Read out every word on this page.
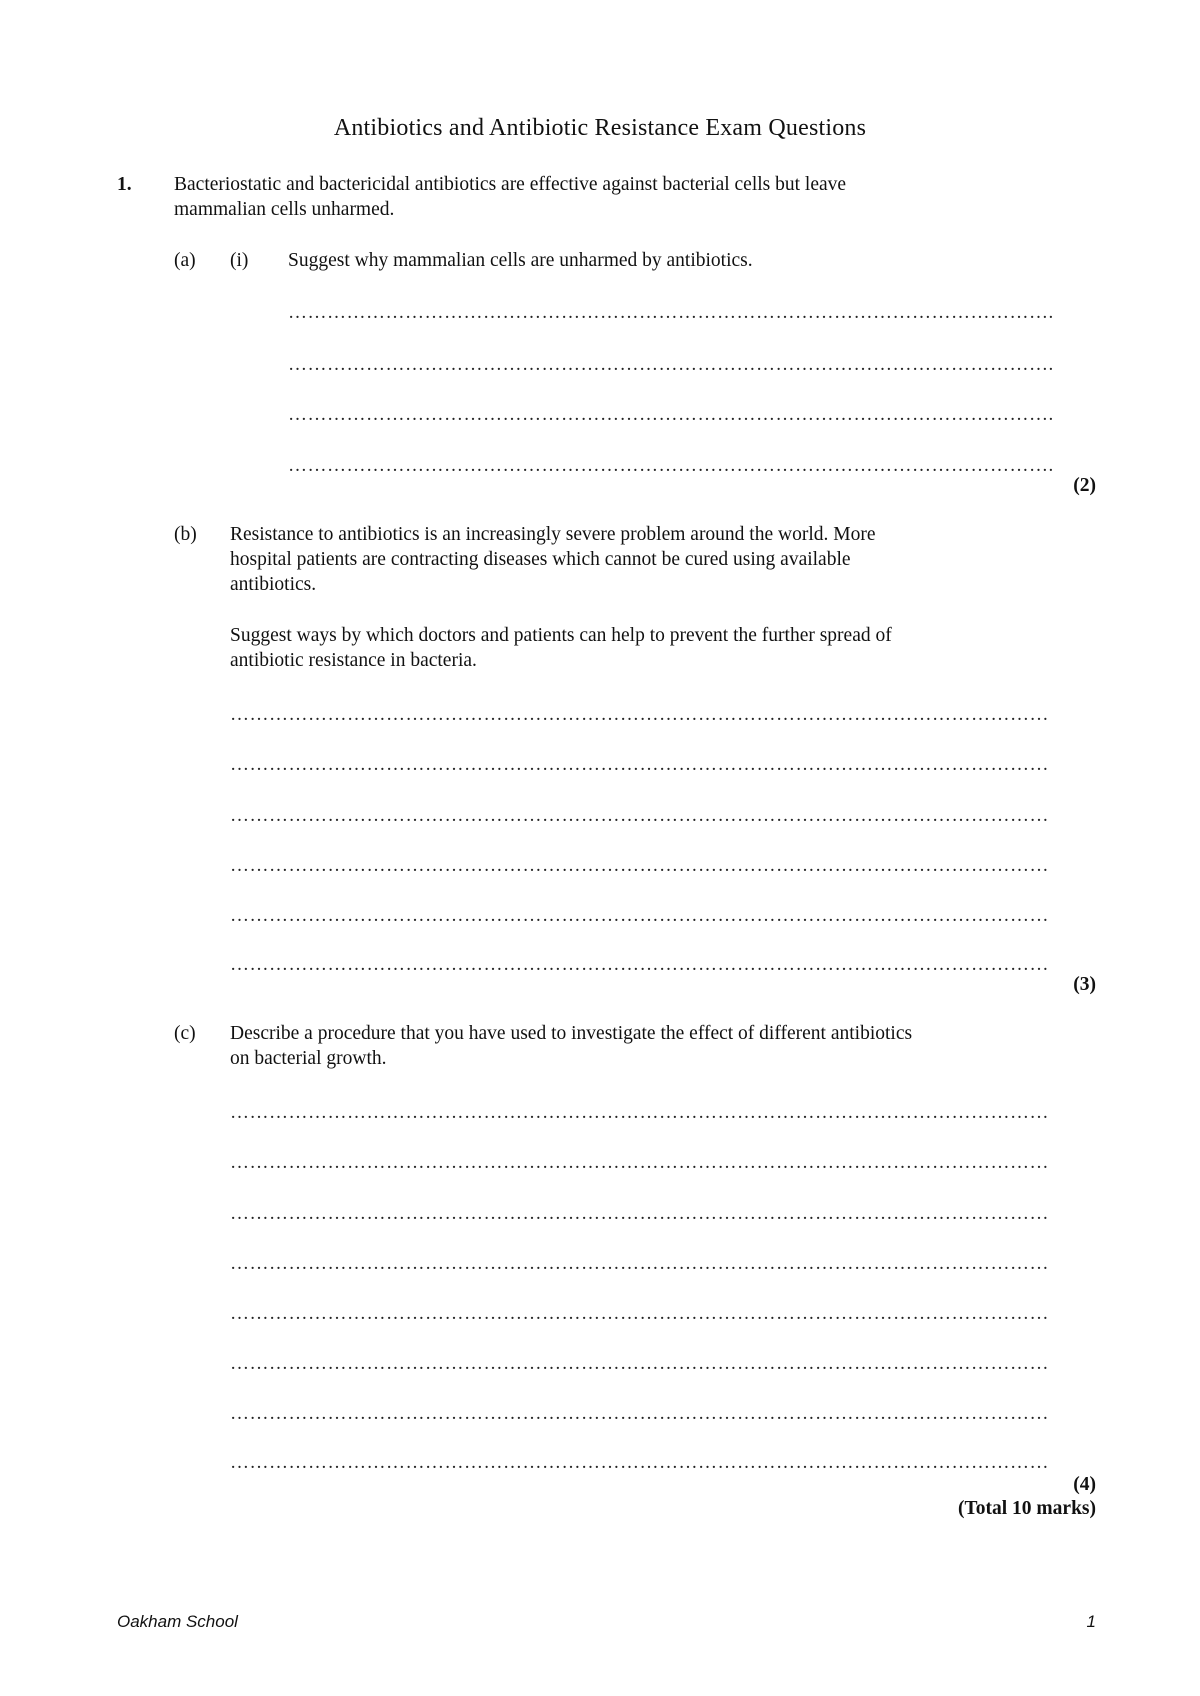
Antibiotics and Antibiotic Resistance Exam Questions
1. Bacteriostatic and bactericidal antibiotics are effective against bacterial cells but leave
mammalian cells unharmed.
(a) (i) Suggest why mammalian cells are unharmed by antibiotics.
……………………………………………………………………………………………………….
……………………………………………………………………………………………………….
……………………………………………………………………………………………………….
……………………………………………………………………………………………………….
(2)
(b) Resistance to antibiotics is an increasingly severe problem around the world. More
hospital patients are contracting diseases which cannot be cured using available
antibiotics.
Suggest ways by which doctors and patients can help to prevent the further spread of
antibiotic resistance in bacteria.
………………………………………………………………………………………………………………
………………………………………………………………………………………………………………
………………………………………………………………………………………………………………
………………………………………………………………………………………………………………
………………………………………………………………………………………………………………
………………………………………………………………………………………………………………
(3)
(c) Describe a procedure that you have used to investigate the effect of different antibiotics
on bacterial growth.
………………………………………………………………………………………………………………
………………………………………………………………………………………………………………
………………………………………………………………………………………………………………
………………………………………………………………………………………………………………
………………………………………………………………………………………………………………
………………………………………………………………………………………………………………
………………………………………………………………………………………………………………
………………………………………………………………………………………………………………
(4)
(Total 10 marks)
Oakham School	1
